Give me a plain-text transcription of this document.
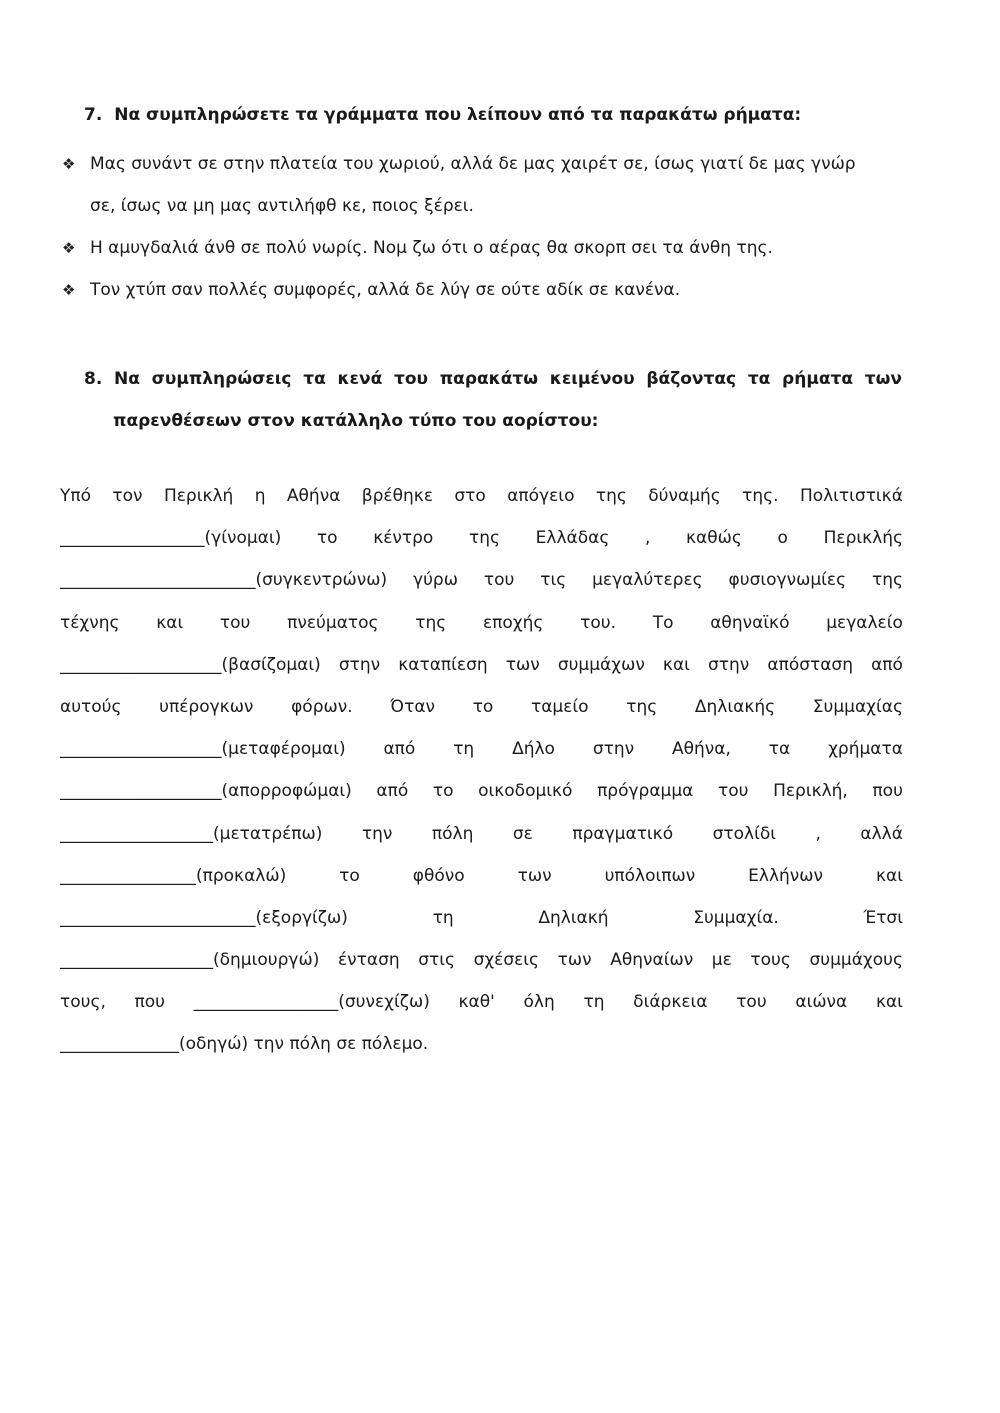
7. Να συμπληρώσετε τα γράμματα που λείπουν από τα παρακάτω ρήματα:
❖ Μας συνάντ σε στην πλατεία του χωριού, αλλά δε μας χαιρέτ σε, ίσως γιατί δε μας γνώρ
σε, ίσως να μη μας αντιλήφθ κε, ποιος ξέρει.
❖ Η αμυγδαλιά άνθ σε πολύ νωρίς. Νομ ζω ότι ο αέρας θα σκορπ σει τα άνθη της.
❖ Τον χτύπ σαν πολλές συμφορές, αλλά δε λύγ σε ούτε αδίκ σε κανένα.
8. Να συμπληρώσεις τα κενά του παρακάτω κειμένου βάζοντας τα ρήματα των
παρενθέσεων στον κατάλληλο τύπο του αορίστου:
Υπό τον Περικλή η Αθήνα βρέθηκε στο απόγειο της δύναμής της. Πολιτιστικά
_________________(γίνομαι) το κέντρο της Ελλάδας , καθώς ο Περικλής
_______________________(συγκεντρώνω) γύρω του τις μεγαλύτερες φυσιογνωμίες της
τέχνης και του πνεύματος της εποχής του. Το αθηναϊκό μεγαλείο
___________________(βασίζομαι) στην καταπίεση των συμμάχων και στην απόσταση από
αυτούς υπέρογκων φόρων. Όταν το ταμείο της Δηλιακής Συμμαχίας
___________________(μεταφέρομαι) από τη Δήλο στην Αθήνα, τα χρήματα
___________________(απορροφώμαι) από το οικοδομικό πρόγραμμα του Περικλή, που
__________________(μετατρέπω) την πόλη σε πραγματικό στολίδι , αλλά
________________(προκαλώ)	το	φθόνο	των	υπόλοιπων	Ελλήνων	και
_______________________(εξοργίζω)	τη	Δηλιακή	Συμμαχία.	Έτσι
__________________(δημιουργώ) ένταση στις σχέσεις των Αθηναίων με τους συμμάχους
τους, που _________________(συνεχίζω) καθ' όλη τη διάρκεια του αιώνα και
______________(οδηγώ) την πόλη σε πόλεμο.
